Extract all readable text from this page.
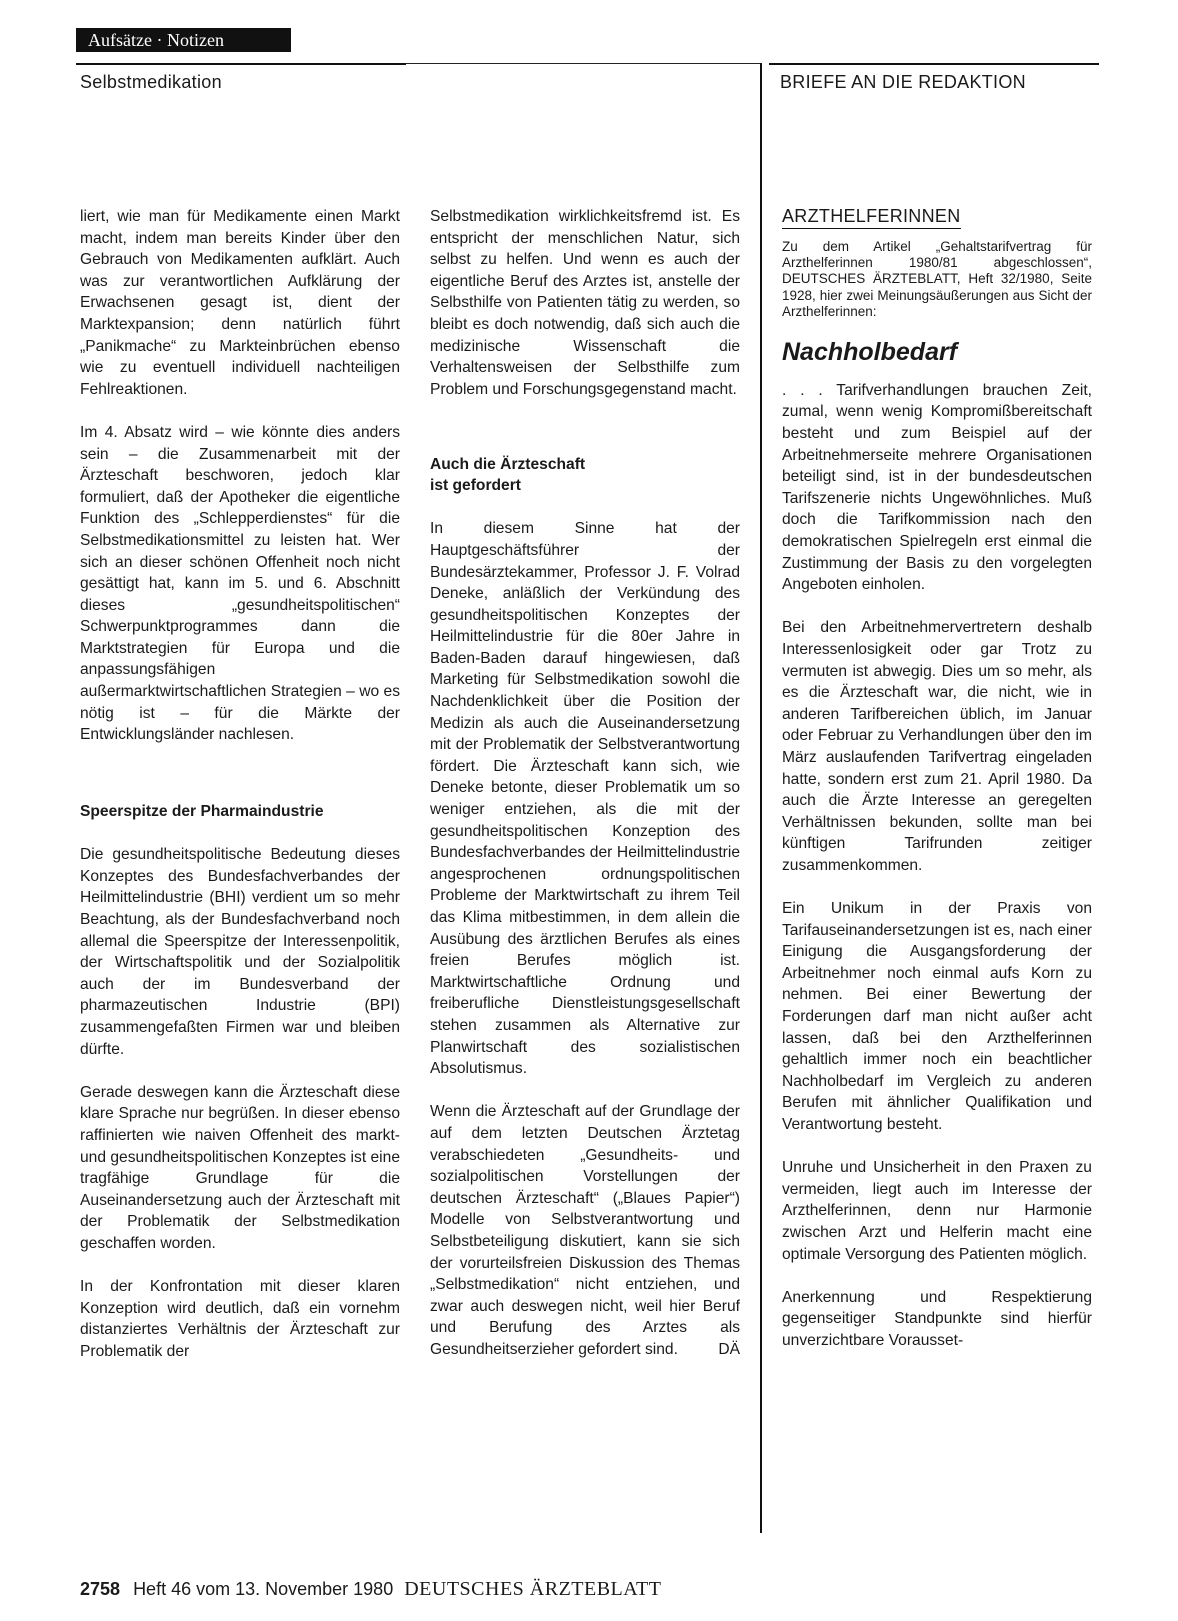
Aufsätze · Notizen
Selbstmedikation	BRIEFE AN DIE REDAKTION

liert, wie man für Medikamente einen Markt macht, indem man bereits Kinder über den Gebrauch von Medikamenten aufklärt. Auch was zur verantwortlichen Aufklärung der Erwachsenen gesagt ist, dient der Marktexpansion; denn natürlich führt „Panikmache“ zu Markteinbrüchen ebenso wie zu eventuell individuell nachteiligen Fehlreaktionen.

Im 4. Absatz wird – wie könnte dies anders sein – die Zusammenarbeit mit der Ärzteschaft beschworen, jedoch klar formuliert, daß der Apotheker die eigentliche Funktion des „Schlepperdienstes“ für die Selbstmedikationsmittel zu leisten hat. Wer sich an dieser schönen Offenheit noch nicht gesättigt hat, kann im 5. und 6. Abschnitt dieses „gesundheitspolitischen“ Schwerpunktprogrammes dann die Marktstrategien für Europa und die anpassungsfähigen außermarktwirtschaftlichen Strategien – wo es nötig ist – für die Märkte der Entwicklungsländer nachlesen.

Speerspitze der Pharmaindustrie

Die gesundheitspolitische Bedeutung dieses Konzeptes des Bundesfachverbandes der Heilmittelindustrie (BHI) verdient um so mehr Beachtung, als der Bundesfachverband noch allemal die Speerspitze der Interessenpolitik, der Wirtschaftspolitik und der Sozialpolitik auch der im Bundesverband der pharmazeutischen Industrie (BPI) zusammengefaßten Firmen war und bleiben dürfte.

Gerade deswegen kann die Ärzteschaft diese klare Sprache nur begrüßen. In dieser ebenso raffinierten wie naiven Offenheit des markt- und gesundheitspolitischen Konzeptes ist eine tragfähige Grundlage für die Auseinandersetzung auch der Ärzteschaft mit der Problematik der Selbstmedikation geschaffen worden.

In der Konfrontation mit dieser klaren Konzeption wird deutlich, daß ein vornehm distanziertes Verhältnis der Ärzteschaft zur Problematik der

Selbstmedikation wirklichkeitsfremd ist. Es entspricht der menschlichen Natur, sich selbst zu helfen. Und wenn es auch der eigentliche Beruf des Arztes ist, anstelle der Selbsthilfe von Patienten tätig zu werden, so bleibt es doch notwendig, daß sich auch die medizinische Wissenschaft die Verhaltensweisen der Selbsthilfe zum Problem und Forschungsgegenstand macht.

Auch die Ärzteschaft
ist gefordert

In diesem Sinne hat der Hauptgeschäftsführer der Bundesärztekammer, Professor J. F. Volrad Deneke, anläßlich der Verkündung des gesundheitspolitischen Konzeptes der Heilmittelindustrie für die 80er Jahre in Baden-Baden darauf hingewiesen, daß Marketing für Selbstmedikation sowohl die Nachdenklichkeit über die Position der Medizin als auch die Auseinandersetzung mit der Problematik der Selbstverantwortung fördert. Die Ärzteschaft kann sich, wie Deneke betonte, dieser Problematik um so weniger entziehen, als die mit der gesundheitspolitischen Konzeption des Bundesfachverbandes der Heilmittelindustrie angesprochenen ordnungspolitischen Probleme der Marktwirtschaft zu ihrem Teil das Klima mitbestimmen, in dem allein die Ausübung des ärztlichen Berufes als eines freien Berufes möglich ist. Marktwirtschaftliche Ordnung und freiberufliche Dienstleistungsgesellschaft stehen zusammen als Alternative zur Planwirtschaft des sozialistischen Absolutismus.

Wenn die Ärzteschaft auf der Grundlage der auf dem letzten Deutschen Ärztetag verabschiedeten „Gesundheits- und sozialpolitischen Vorstellungen der deutschen Ärzteschaft“ („Blaues Papier“) Modelle von Selbstverantwortung und Selbstbeteiligung diskutiert, kann sie sich der vorurteilsfreien Diskussion des Themas „Selbstmedikation“ nicht entziehen, und zwar auch deswegen nicht, weil hier Beruf und Berufung des Arztes als Gesundheitserzieher gefordert sind.	DÄ
ARZTHELFERINNEN

Zu dem Artikel „Gehaltstarifvertrag für Arzthelferinnen 1980/81 abgeschlossen“, DEUTSCHES ÄRZTEBLATT, Heft 32/1980, Seite 1928, hier zwei Meinungsäußerungen aus Sicht der Arzthelferinnen:

Nachholbedarf

. . . Tarifverhandlungen brauchen Zeit, zumal, wenn wenig Kompromißbereitschaft besteht und zum Beispiel auf der Arbeitnehmerseite mehrere Organisationen beteiligt sind, ist in der bundesdeutschen Tarifszenerie nichts Ungewöhnliches. Muß doch die Tarifkommission nach den demokratischen Spielregeln erst einmal die Zustimmung der Basis zu den vorgelegten Angeboten einholen.

Bei den Arbeitnehmervertretern deshalb Interessenlosigkeit oder gar Trotz zu vermuten ist abwegig. Dies um so mehr, als es die Ärzteschaft war, die nicht, wie in anderen Tarifbereichen üblich, im Januar oder Februar zu Verhandlungen über den im März auslaufenden Tarifvertrag eingeladen hatte, sondern erst zum 21. April 1980. Da auch die Ärzte Interesse an geregelten Verhältnissen bekunden, sollte man bei künftigen Tarifrunden zeitiger zusammenkommen.

Ein Unikum in der Praxis von Tarifauseinandersetzungen ist es, nach einer Einigung die Ausgangsforderung der Arbeitnehmer noch einmal aufs Korn zu nehmen. Bei einer Bewertung der Forderungen darf man nicht außer acht lassen, daß bei den Arzthelferinnen gehaltlich immer noch ein beachtlicher Nachholbedarf im Vergleich zu anderen Berufen mit ähnlicher Qualifikation und Verantwortung besteht.

Unruhe und Unsicherheit in den Praxen zu vermeiden, liegt auch im Interesse der Arzthelferinnen, denn nur Harmonie zwischen Arzt und Helferin macht eine optimale Versorgung des Patienten möglich.

Anerkennung und Respektierung gegenseitiger Standpunkte sind hierfür unverzichtbare Vorausset-

2758 Heft 46 vom 13. November 1980 DEUTSCHES ÄRZTEBLATT
